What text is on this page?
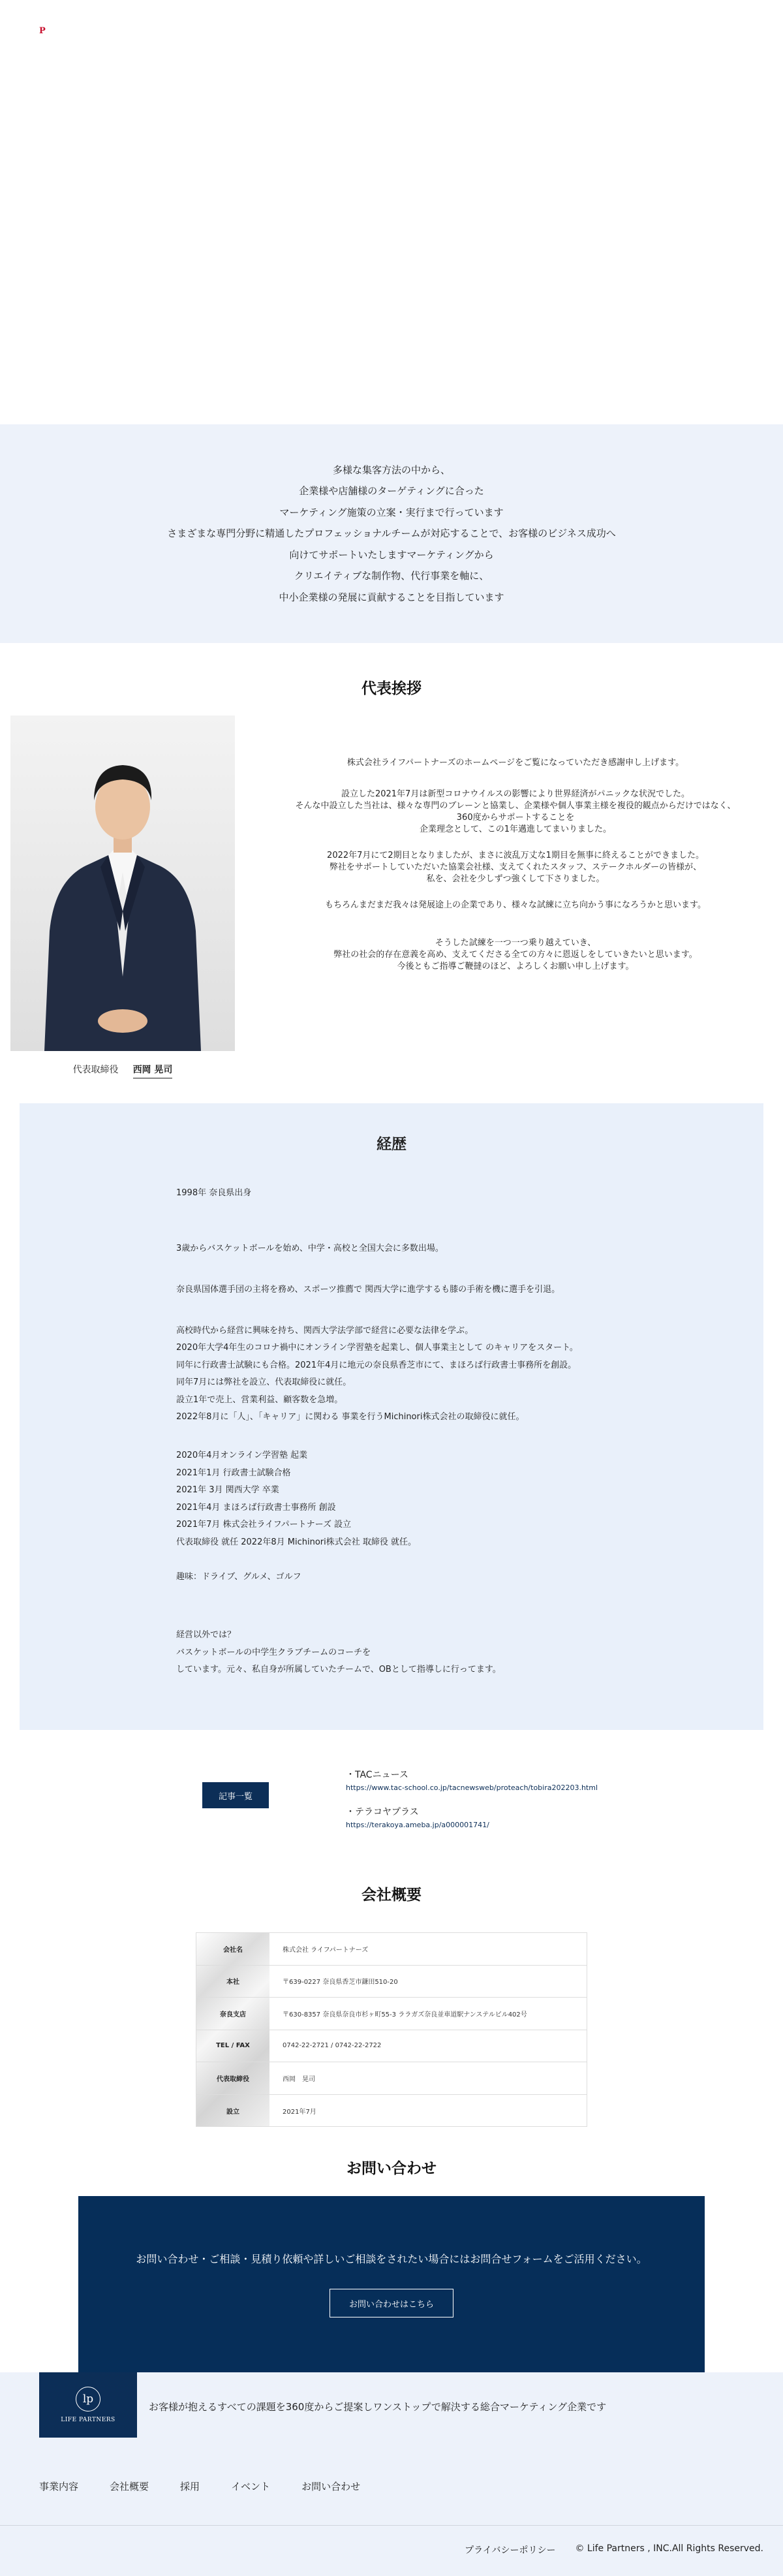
P

多様な集客方法の中から、

企業様や店舗様のターゲティングに合った

マーケティング施策の立案・実行まで行っています

さまざまな専門分野に精通したプロフェッショナルチームが対応することで、お客様のビジネス成功へ

向けてサポートいたしますマーケティングから

クリエイティブな制作物、代行事業を軸に、

中小企業様の発展に貢献することを目指しています

代表挨拶
代表取締役 西岡 晃司

株式会社ライフパートナーズのホームページをご覧になっていただき感謝申し上げます。

設立した2021年7月は新型コロナウイルスの影響により世界経済がパニックな状況でした。
そんな中設立した当社は、様々な専門のブレーンと協業し、企業様や個人事業主様を複役的観点からだけではなく、
360度からサポートすることを
企業理念として、この1年邁進してまいりました。

2022年7月にて2期目となりましたが、まさに波乱万丈な1期目を無事に終えることができました。
弊社をサポートしていただいた協業会社様、支えてくれたスタッフ、ステークホルダーの皆様が、
私を、会社を少しずつ強くして下さりました。

もちろんまだまだ我々は発展途上の企業であり、様々な試練に立ち向かう事になろうかと思います。

そうした試練を一つ一つ乗り越えていき、
弊社の社会的存在意義を高め、支えてくださる全ての方々に恩返しをしていきたいと思います。
今後ともご指導ご鞭撻のほど、よろしくお願い申し上げます。

経歴

1998年 奈良県出身

3歳からバスケットボールを始め、中学・高校と全国大会に多数出場。

奈良県国体選手団の主将を務め、スポーツ推薦で 関西大学に進学するも膝の手術を機に選手を引退。

高校時代から経営に興味を持ち、関西大学法学部で経営に必要な法律を学ぶ。

2020年大学4年生のコロナ禍中にオンライン学習塾を起業し、個人事業主として のキャリアをスタート。

同年に行政書士試験にも合格。2021年4月に地元の奈良県香芝市にて、まほろば行政書士事務所を創設。

同年7月には弊社を設立、代表取締役に就任。

設立1年で売上、営業利益、顧客数を急増。

2022年8月に「人」、「キャリア」に関わる 事業を行うMichinori株式会社の取締役に就任。

2020年4月オンライン学習塾 起業

2021年1月 行政書士試験合格

2021年 3月 関西大学 卒業

2021年4月 まほろば行政書士事務所 創設

2021年7月 株式会社ライフパートナーズ 設立

代表取締役 就任 2022年8月 Michinori株式会社 取締役 就任。

趣味：ドライブ、グルメ、ゴルフ

経営以外では？

バスケットボールの中学生クラブチームのコーチを

しています。元々、私自身が所属していたチームで、OBとして指導しに行ってます。

記事一覧
・TACニュース
https://www.tac-school.co.jp/tacnewsweb/proteach/tobira202203.html
・テラコヤプラス
https://terakoya.ameba.jp/a000001741/
会社概要
会社名	株式会社 ライフパートナーズ
本社	〒639-0227 奈良県香芝市鎌田510-20
奈良支店	〒630-8357 奈良県奈良市杉ヶ町55-3 ララガズ奈良並車道駅ナンステルビル402号
TEL / FAX	0742-22-2721 / 0742-22-2722
代表取締役	西岡　晃司
設立	2021年7月
お問い合わせ
お問い合わせ・ご相談・見積り依頼や詳しいご相談をされたい場合にはお問合せフォームをご活用ください。
お問い合わせはこちら
lp
LIFE PARTNERS
お客様が抱えるすべての課題を360度からご提案しワンストップで解決する総合マーケティング企業です
事業内容	会社概要	採用	イベント	お問い合わせ
プライバシーポリシー © Life Partners , INC.All Rights Reserved.
